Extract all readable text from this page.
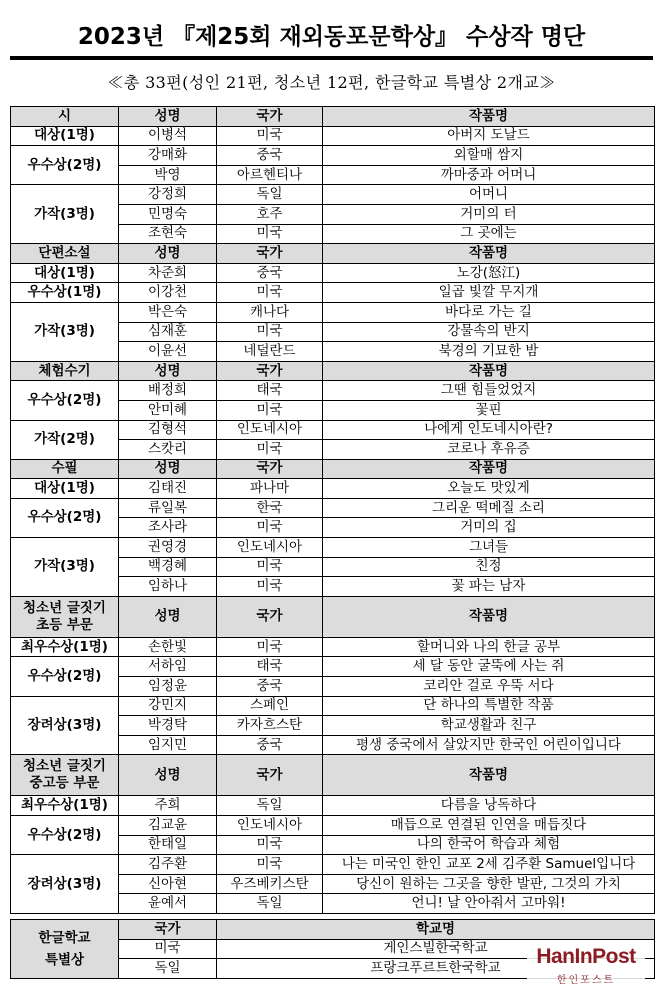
2023년 『제25회 재외동포문학상』 수상작 명단
≪총 33편(성인 21편, 청소년 12편, 한글학교 특별상 2개교≫
시	성명	국가	작품명
대상(1명)	이병석	미국	아버지 도날드
우수상(2명)	강매화	중국	외할매 쌈지
	박영	아르헨티나	까마중과 어머니
가작(3명)	강정희	독일	어머니
	민명숙	호주	거미의 터
	조현숙	미국	그 곳에는
단편소설	성명	국가	작품명
대상(1명)	차준희	중국	노강(怒江)
우수상(1명)	이강천	미국	일곱 빛깔 무지개
가작(3명)	박은숙	캐나다	바다로 가는 길
	심재훈	미국	강물속의 반지
	이윤선	네덜란드	북경의 기묘한 밤
체험수기	성명	국가	작품명
우수상(2명)	배정희	태국	그땐 힘들었었지
	안미혜	미국	꽃핀
가작(2명)	김형석	인도네시아	나에게 인도네시아란?
	스캇리	미국	코로나 후유증
수필	성명	국가	작품명
대상(1명)	김태진	파나마	오늘도 맛있게
우수상(2명)	류일복	한국	그리운 떡메질 소리
	조사라	미국	거미의 집
가작(3명)	권영경	인도네시아	그녀들
	백경혜	미국	친정
	임하나	미국	꽃 파는 남자

청소년 글짓기
초등 부문	성명	국가	작품명
최우수상(1명)	손한빛	미국	할머니와 나의 한글 공부
우수상(2명)	서하임	태국	세 달 동안 굴뚝에 사는 쥐
	임정윤	중국	코리안 걸로 우뚝 서다
장려상(3명)	강민지	스페인	단 하나의 특별한 작품
	박경탁	카자흐스탄	학교생활과 친구
	임지민	중국	평생 중국에서 살았지만 한국인 어린이입니다

청소년 글짓기
중고등 부문	성명	국가	작품명
최우수상(1명)	주희	독일	다름을 낭독하다
우수상(2명)	김교윤	인도네시아	매듭으로 연결된 인연을 매듭짓다
	한태일	미국	나의 한국어 학습과 체험
장려상(3명)	김주환	미국	나는 미국인 한인 교포 2세 김주환 Samuel입니다
	신아현	우즈베키스탄	당신이 원하는 그곳을 향한 발판, 그것의 가치
	윤예서	독일	언니! 날 안아줘서 고마워!

한글학교
특별상	국가	학교명	
	미국	게인스빌한국학교	
	독일	프랑크푸르트한국학교		HanInPost
한인포스트
